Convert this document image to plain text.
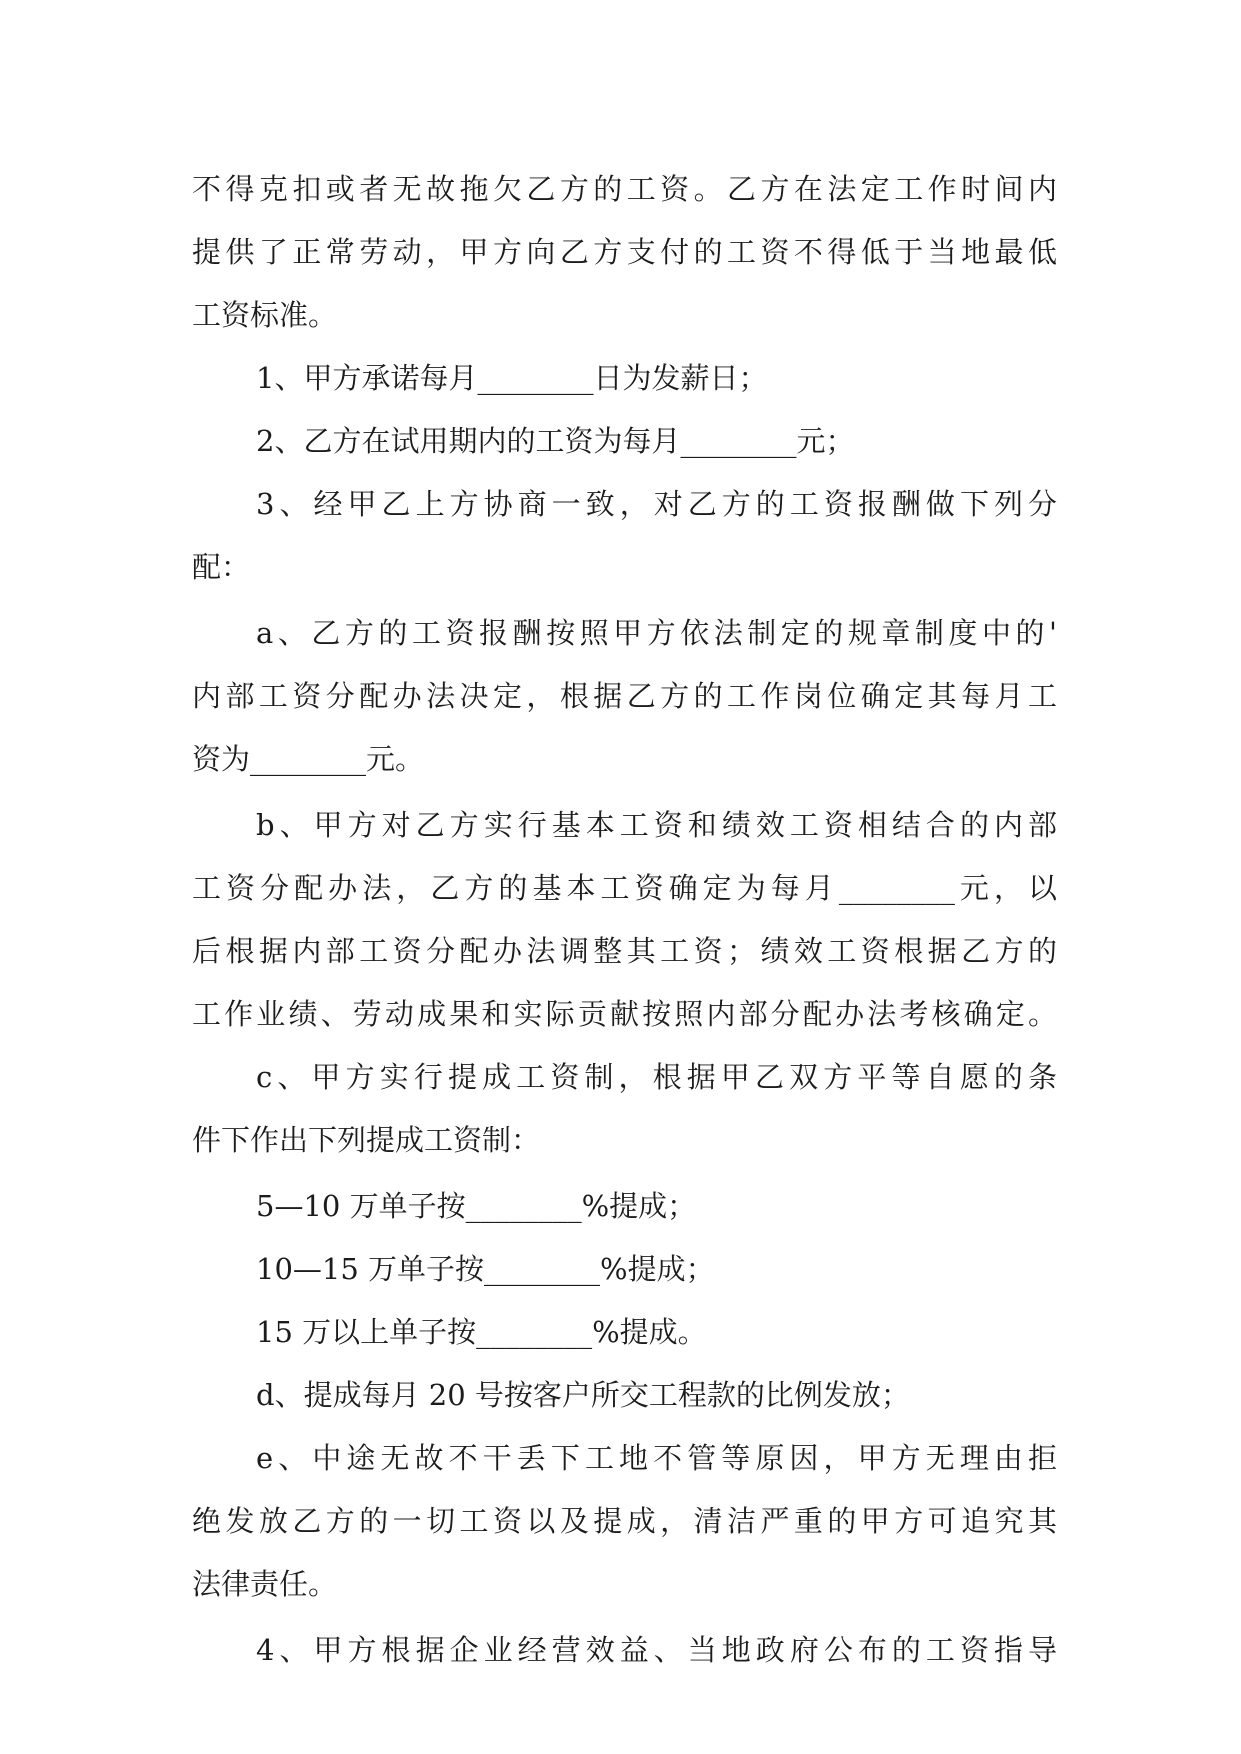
不得克扣或者无故拖欠乙方的工资。乙方在法定工作时间内
提供了正常劳动，甲方向乙方支付的工资不得低于当地最低
工资标准。
1、甲方承诺每月________日为发薪日；
2、乙方在试用期内的工资为每月________元；
3、经甲乙上方协商一致，对乙方的工资报酬做下列分
配：
a、乙方的工资报酬按照甲方依法制定的规章制度中的'
内部工资分配办法决定，根据乙方的工作岗位确定其每月工
资为________元。
b、甲方对乙方实行基本工资和绩效工资相结合的内部
工资分配办法，乙方的基本工资确定为每月________元，以
后根据内部工资分配办法调整其工资；绩效工资根据乙方的
工作业绩、劳动成果和实际贡献按照内部分配办法考核确定。
c、甲方实行提成工资制，根据甲乙双方平等自愿的条
件下作出下列提成工资制：
5—10 万单子按________%提成；
10—15 万单子按________%提成；
15 万以上单子按________%提成。
d、提成每月 20 号按客户所交工程款的比例发放；
e、中途无故不干丢下工地不管等原因，甲方无理由拒
绝发放乙方的一切工资以及提成，清洁严重的甲方可追究其
法律责任。
4、甲方根据企业经营效益、当地政府公布的工资指导
